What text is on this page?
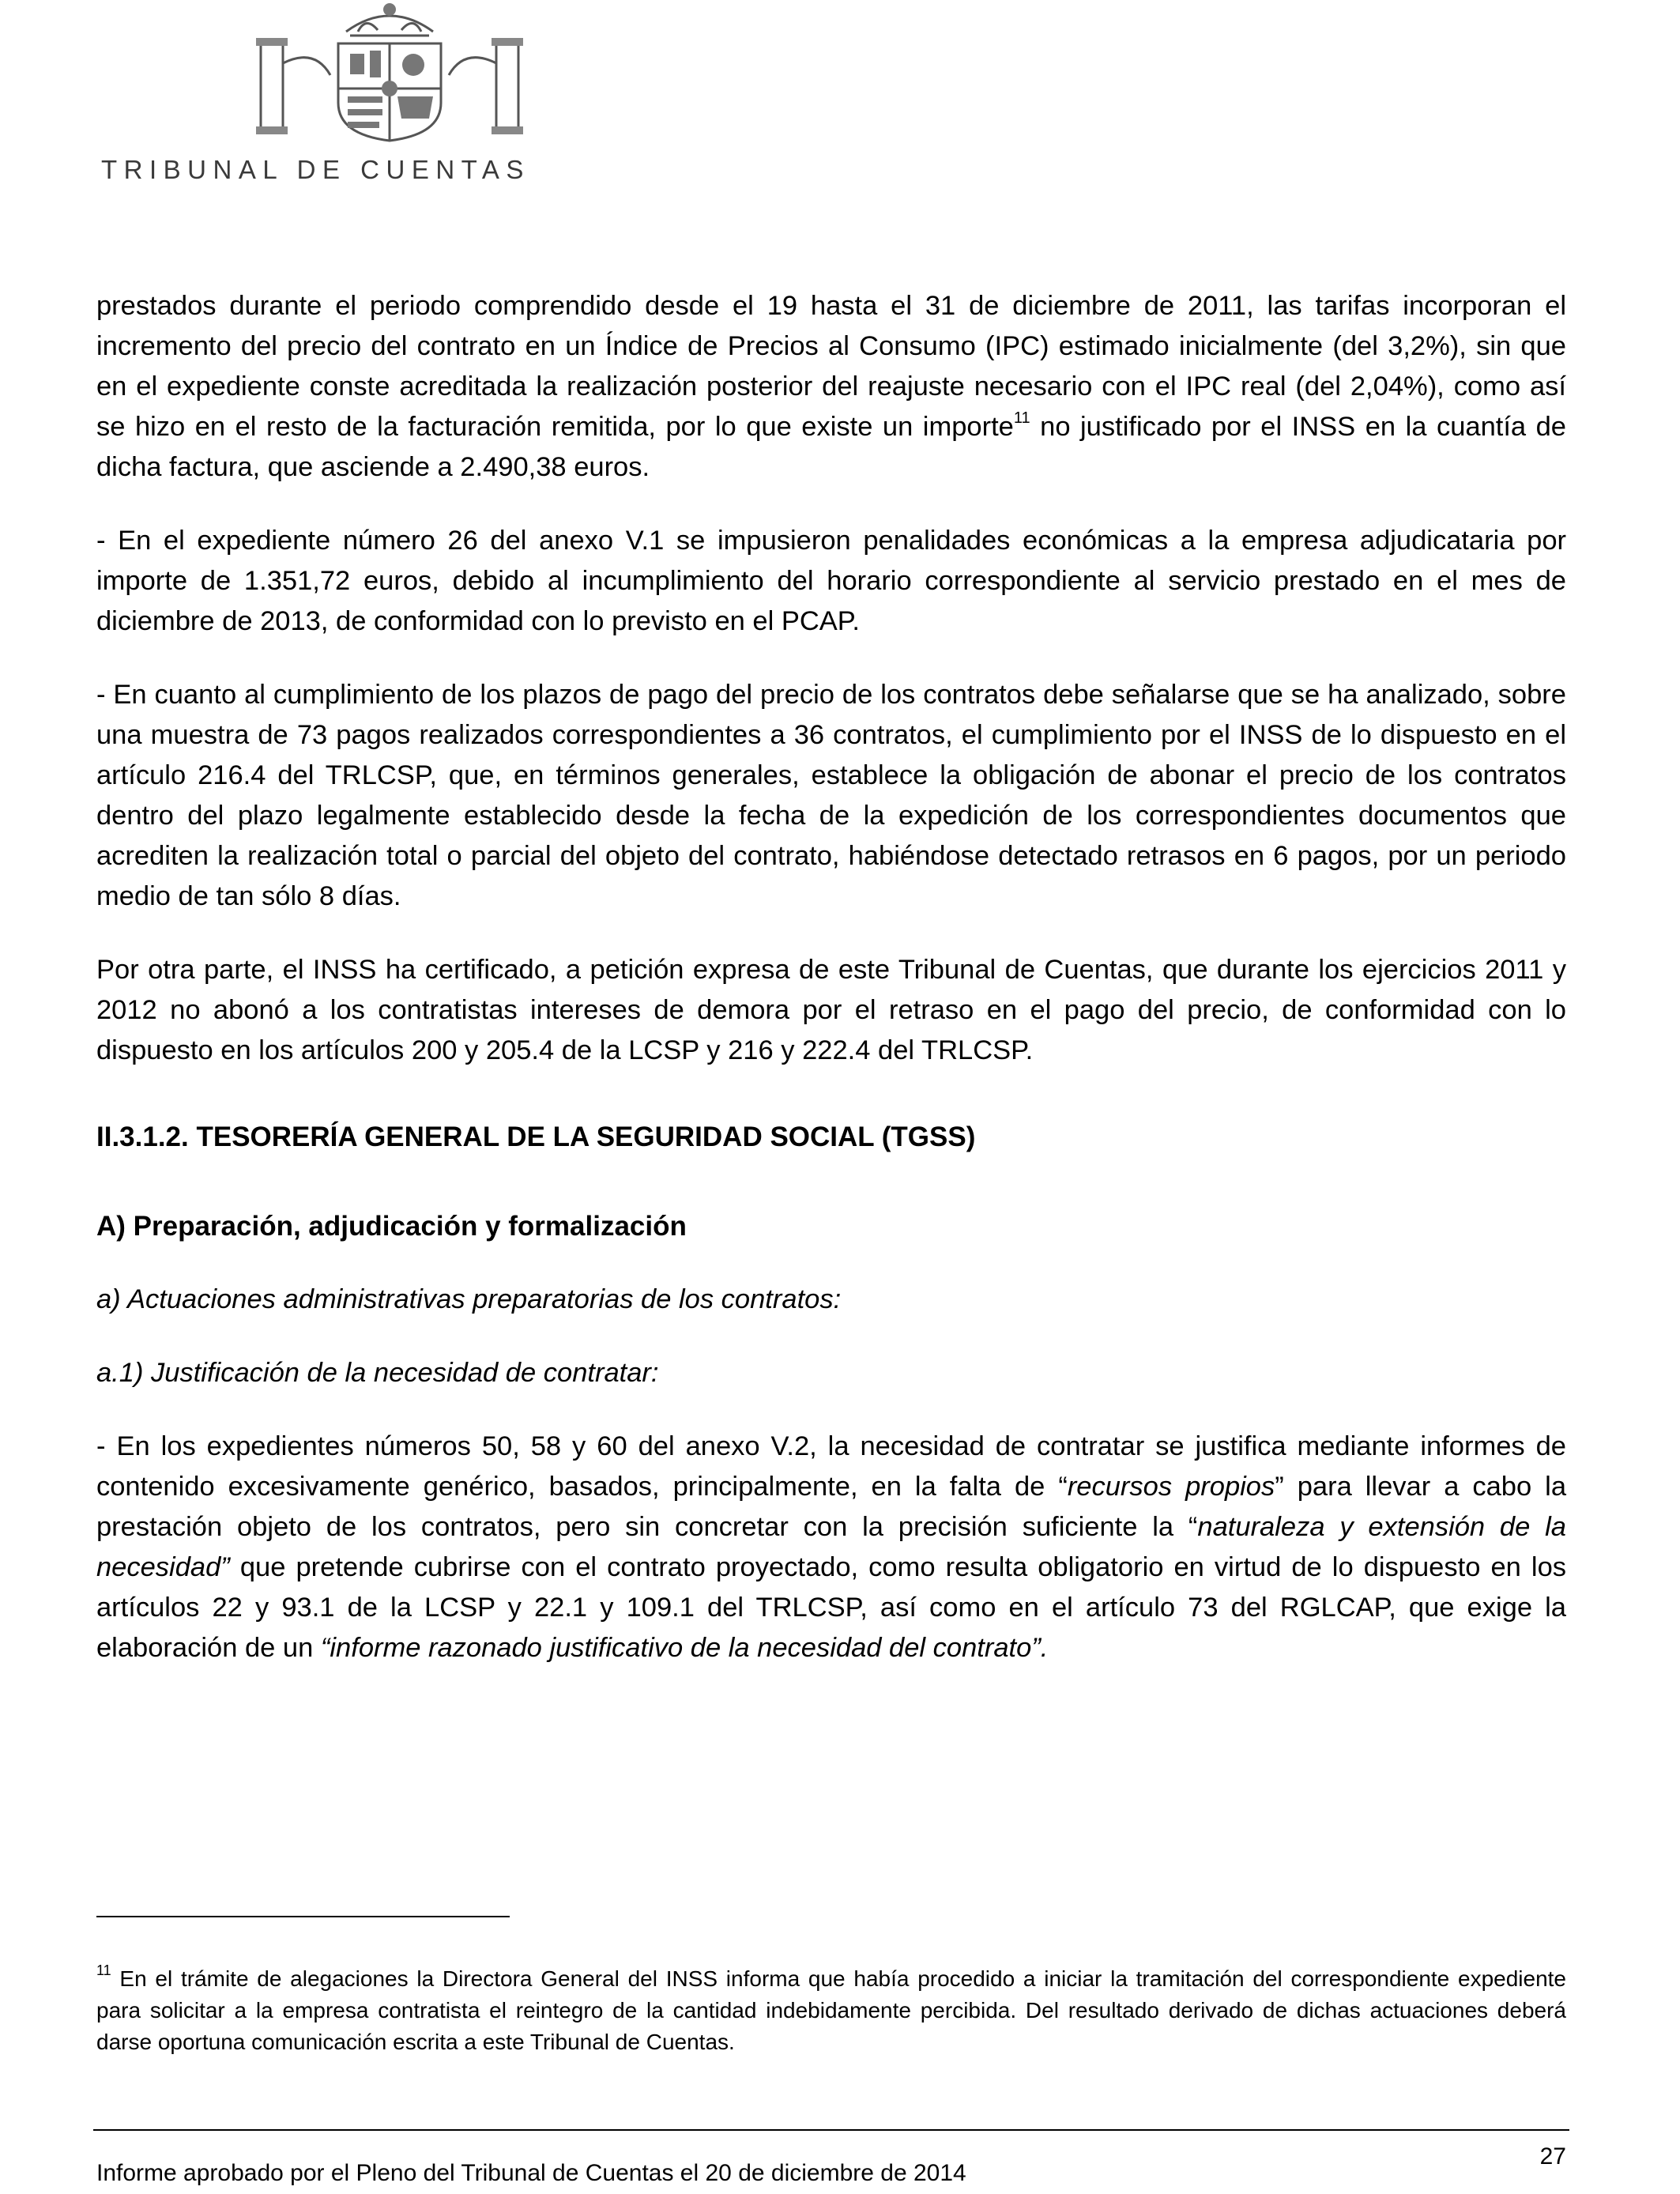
TRIBUNAL DE CUENTAS

prestados durante el periodo comprendido desde el 19 hasta el 31 de diciembre de 2011, las tarifas incorporan el incremento del precio del contrato en un Índice de Precios al Consumo (IPC) estimado inicialmente (del 3,2%), sin que en el expediente conste acreditada la realización posterior del reajuste necesario con el IPC real (del 2,04%), como así se hizo en el resto de la facturación remitida, por lo que existe un importe$^{11}$ no justificado por el INSS en la cuantía de dicha factura, que asciende a 2.490,38 euros.

- En el expediente número 26 del anexo V.1 se impusieron penalidades económicas a la empresa adjudicataria por importe de 1.351,72 euros, debido al incumplimiento del horario correspondiente al servicio prestado en el mes de diciembre de 2013, de conformidad con lo previsto en el PCAP.

- En cuanto al cumplimiento de los plazos de pago del precio de los contratos debe señalarse que se ha analizado, sobre una muestra de 73 pagos realizados correspondientes a 36 contratos, el cumplimiento por el INSS de lo dispuesto en el artículo 216.4 del TRLCSP, que, en términos generales, establece la obligación de abonar el precio de los contratos dentro del plazo legalmente establecido desde la fecha de la expedición de los correspondientes documentos que acrediten la realización total o parcial del objeto del contrato, habiéndose detectado retrasos en 6 pagos, por un periodo medio de tan sólo 8 días.

Por otra parte, el INSS ha certificado, a petición expresa de este Tribunal de Cuentas, que durante los ejercicios 2011 y 2012 no abonó a los contratistas intereses de demora por el retraso en el pago del precio, de conformidad con lo dispuesto en los artículos 200 y 205.4 de la LCSP y 216 y 222.4 del TRLCSP.

II.3.1.2. TESORERÍA GENERAL DE LA SEGURIDAD SOCIAL (TGSS)
A) Preparación, adjudicación y formalización
a) Actuaciones administrativas preparatorias de los contratos:
a.1) Justificación de la necesidad de contratar:

- En los expedientes números 50, 58 y 60 del anexo V.2, la necesidad de contratar se justifica mediante informes de contenido excesivamente genérico, basados, principalmente, en la falta de “recursos propios” para llevar a cabo la prestación objeto de los contratos, pero sin concretar con la precisión suficiente la “naturaleza y extensión de la necesidad” que pretende cubrirse con el contrato proyectado, como resulta obligatorio en virtud de lo dispuesto en los artículos 22 y 93.1 de la LCSP y 22.1 y 109.1 del TRLCSP, así como en el artículo 73 del RGLCAP, que exige la elaboración de un “informe razonado justificativo de la necesidad del contrato”.

$^{11}$ En el trámite de alegaciones la Directora General del INSS informa que había procedido a iniciar la tramitación del correspondiente expediente para solicitar a la empresa contratista el reintegro de la cantidad indebidamente percibida. Del resultado derivado de dichas actuaciones deberá darse oportuna comunicación escrita a este Tribunal de Cuentas.
27
Informe aprobado por el Pleno del Tribunal de Cuentas el 20 de diciembre de 2014
